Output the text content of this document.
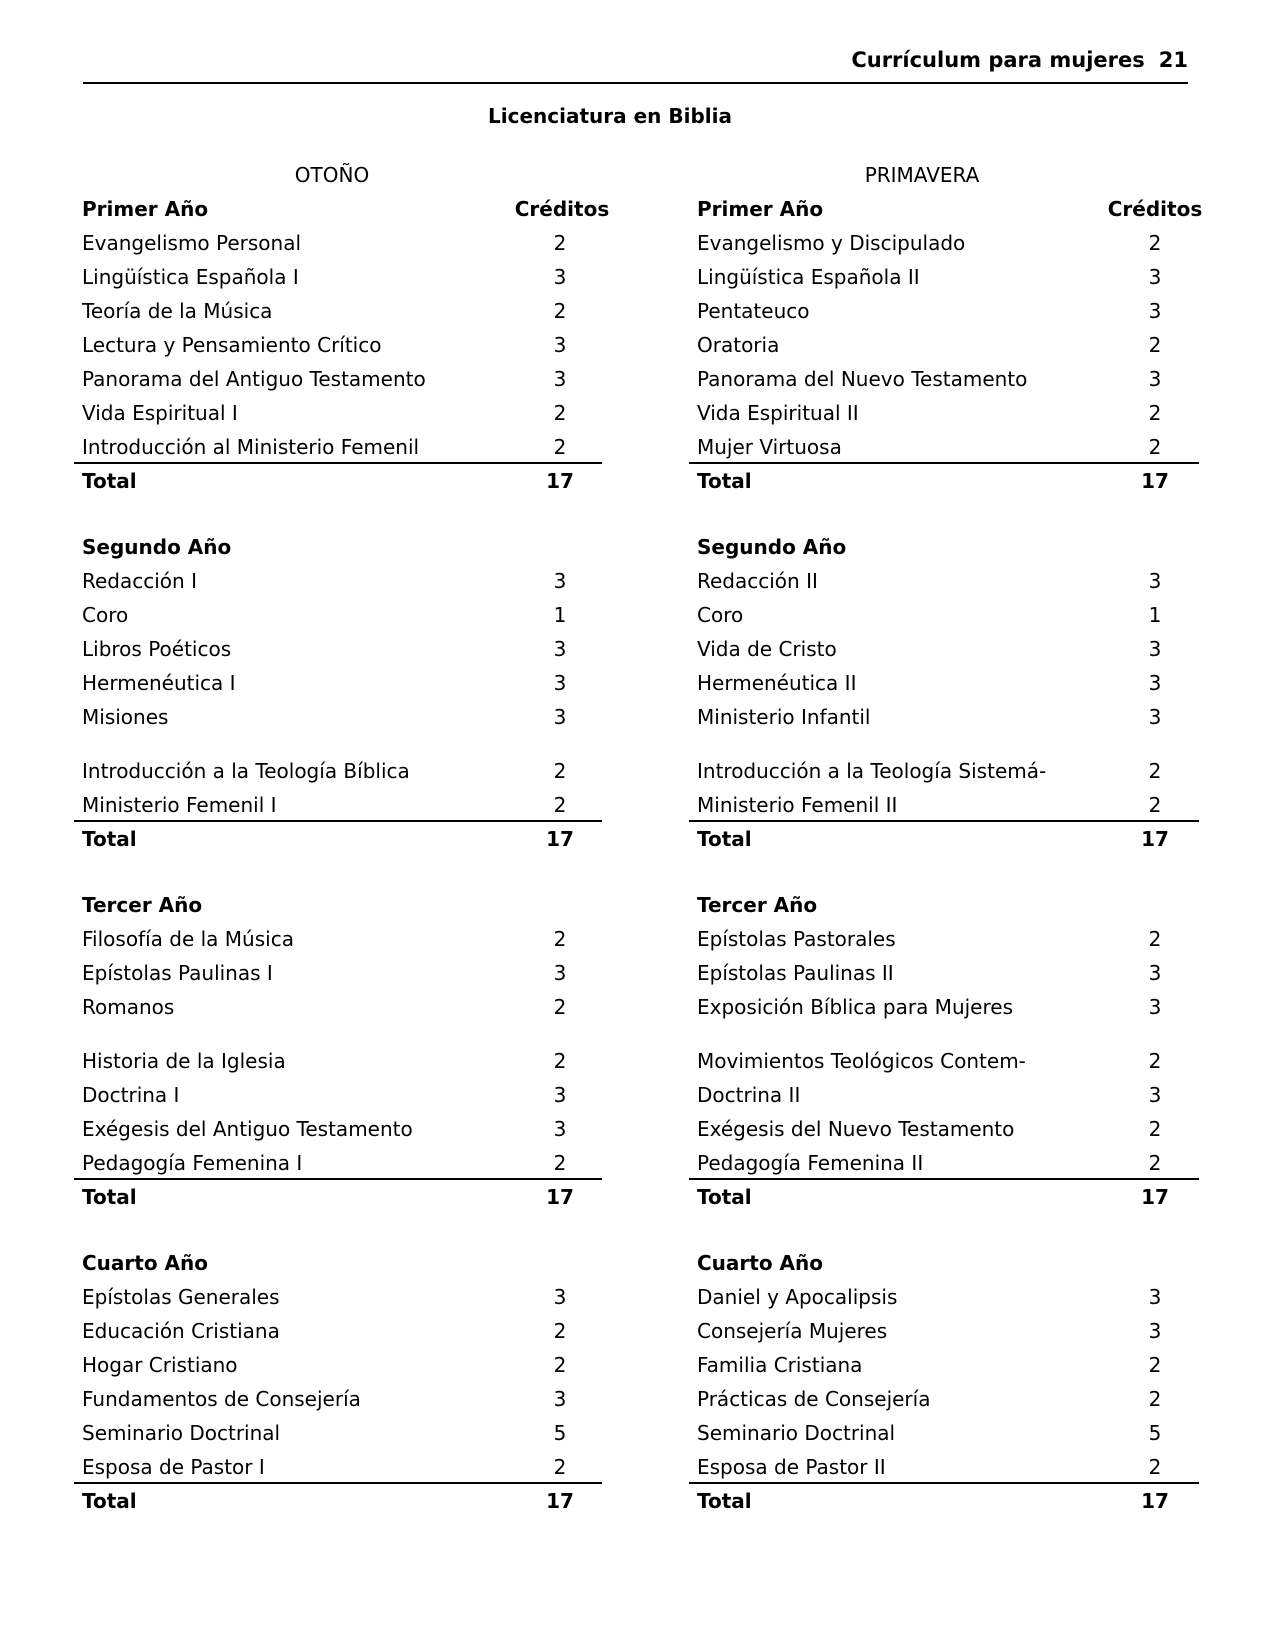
Currículum para mujeres 21
Licenciatura en Biblia
OTOÑO
Primer Año	Créditos
Evangelismo Personal	2
Lingüística Española I	3
Teoría de la Música	2
Lectura y Pensamiento Crítico	3
Panorama del Antiguo Testamento	3
Vida Espiritual I	2
Introducción al Ministerio Femenil	2
Total	17
Segundo Año
Redacción I	3
Coro	1
Libros Poéticos	3
Hermenéutica I	3
Misiones	3
Introducción a la Teología Bíblica	2
Ministerio Femenil I	2
Total	17
Tercer Año
Filosofía de la Música	2
Epístolas Paulinas I	3
Romanos	2
Historia de la Iglesia	2
Doctrina I	3
Exégesis del Antiguo Testamento	3
Pedagogía Femenina I	2
Total	17
Cuarto Año
Epístolas Generales	3
Educación Cristiana	2
Hogar Cristiano	2
Fundamentos de Consejería	3
Seminario Doctrinal	5
Esposa de Pastor I	2
Total	17
PRIMAVERA
Primer Año	Créditos
Evangelismo y Discipulado	2
Lingüística Española II	3
Pentateuco	3
Oratoria	2
Panorama del Nuevo Testamento	3
Vida Espiritual II	2
Mujer Virtuosa	2
Total	17
Segundo Año
Redacción II	3
Coro	1
Vida de Cristo	3
Hermenéutica II	3
Ministerio Infantil	3
Introducción a la Teología Sistemá-	2
Ministerio Femenil II	2
Total	17
Tercer Año
Epístolas Pastorales	2
Epístolas Paulinas II	3
Exposición Bíblica para Mujeres	3
Movimientos Teológicos Contem-	2
Doctrina II	3
Exégesis del Nuevo Testamento	2
Pedagogía Femenina II	2
Total	17
Cuarto Año
Daniel y Apocalipsis	3
Consejería Mujeres	3
Familia Cristiana	2
Prácticas de Consejería	2
Seminario Doctrinal	5
Esposa de Pastor II	2
Total	17
